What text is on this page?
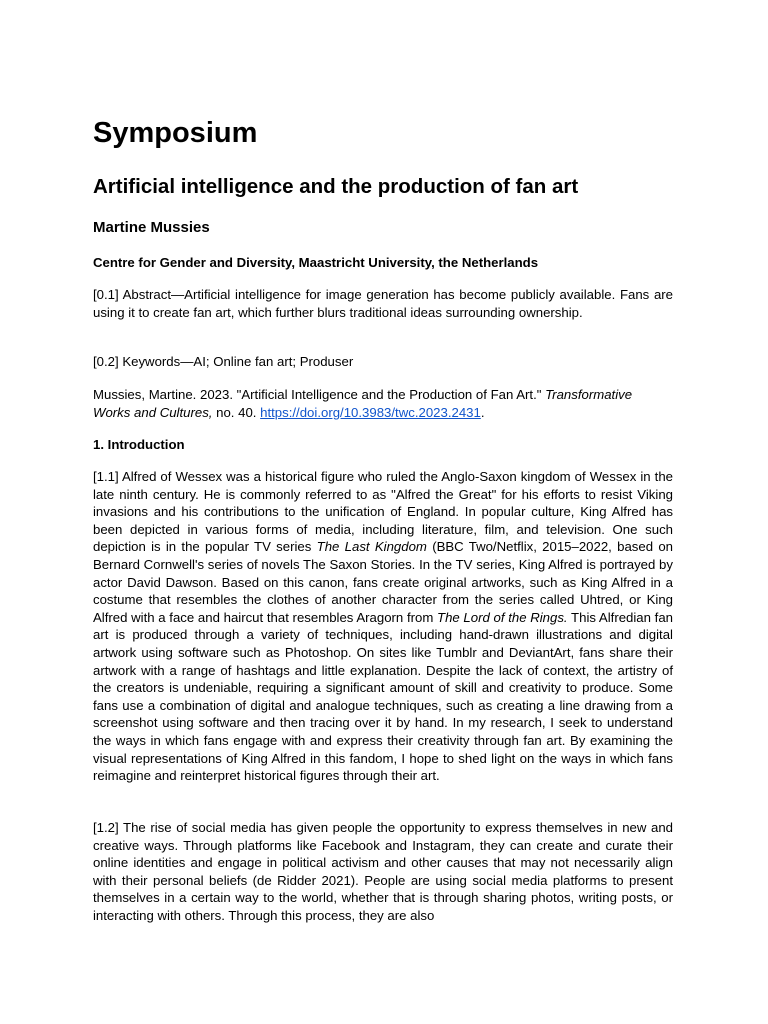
Symposium
Artificial intelligence and the production of fan art

Martine Mussies

Centre for Gender and Diversity, Maastricht University, the Netherlands

[0.1] Abstract—Artificial intelligence for image generation has become publicly available. Fans are using it to create fan art, which further blurs traditional ideas surrounding ownership.

[0.2] Keywords—AI; Online fan art; Produser

Mussies, Martine. 2023. "Artificial Intelligence and the Production of Fan Art." Transformative Works and Cultures, no. 40. https://doi.org/10.3983/twc.2023.2431.

1. Introduction

[1.1] Alfred of Wessex was a historical figure who ruled the Anglo-Saxon kingdom of Wessex in the late ninth century. He is commonly referred to as "Alfred the Great" for his efforts to resist Viking invasions and his contributions to the unification of England. In popular culture, King Alfred has been depicted in various forms of media, including literature, film, and television. One such depiction is in the popular TV series The Last Kingdom (BBC Two/Netflix, 2015–2022, based on Bernard Cornwell's series of novels The Saxon Stories. In the TV series, King Alfred is portrayed by actor David Dawson. Based on this canon, fans create original artworks, such as King Alfred in a costume that resembles the clothes of another character from the series called Uhtred, or King Alfred with a face and haircut that resembles Aragorn from The Lord of the Rings. This Alfredian fan art is produced through a variety of techniques, including hand-drawn illustrations and digital artwork using software such as Photoshop. On sites like Tumblr and DeviantArt, fans share their artwork with a range of hashtags and little explanation. Despite the lack of context, the artistry of the creators is undeniable, requiring a significant amount of skill and creativity to produce. Some fans use a combination of digital and analogue techniques, such as creating a line drawing from a screenshot using software and then tracing over it by hand. In my research, I seek to understand the ways in which fans engage with and express their creativity through fan art. By examining the visual representations of King Alfred in this fandom, I hope to shed light on the ways in which fans reimagine and reinterpret historical figures through their art.

[1.2] The rise of social media has given people the opportunity to express themselves in new and creative ways. Through platforms like Facebook and Instagram, they can create and curate their online identities and engage in political activism and other causes that may not necessarily align with their personal beliefs (de Ridder 2021). People are using social media platforms to present themselves in a certain way to the world, whether that is through sharing photos, writing posts, or interacting with others. Through this process, they are also
